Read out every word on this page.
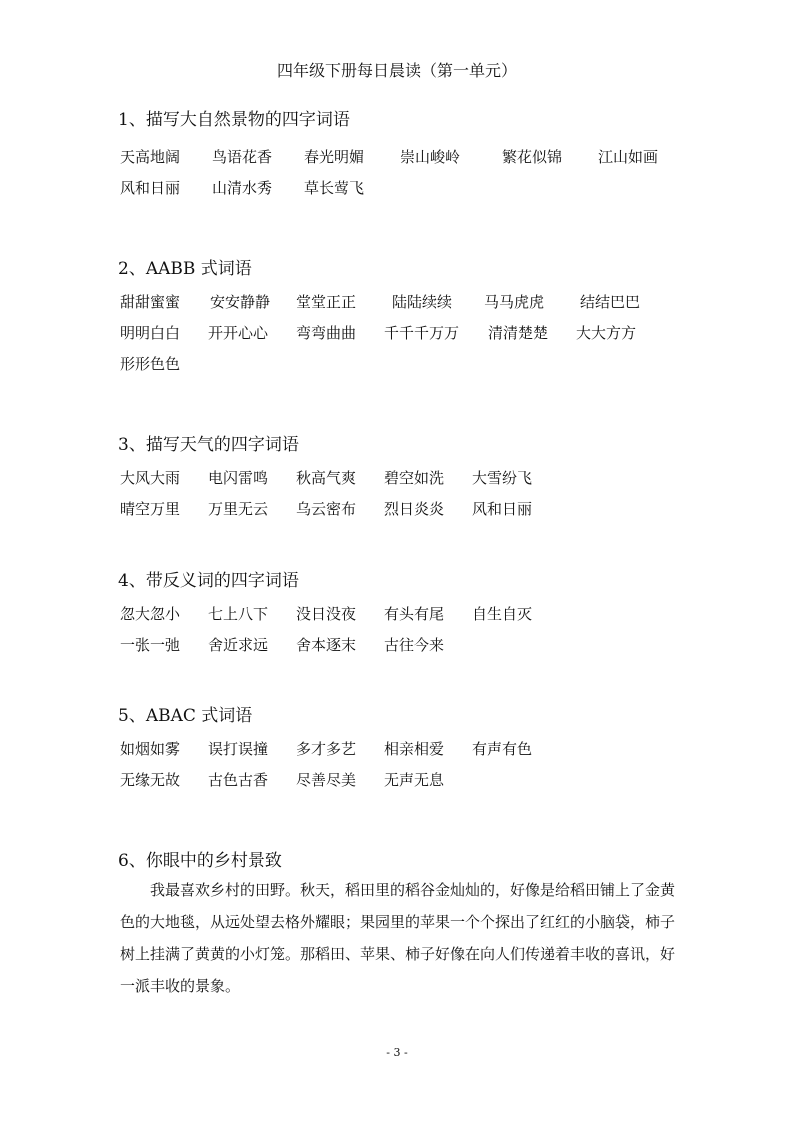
四年级下册每日晨读（第一单元）
1、描写大自然景物的四字词语
天高地阔	鸟语花香	春光明媚	崇山峻岭	繁花似锦	江山如画
风和日丽	山清水秀	草长莺飞
2、AABB 式词语
甜甜蜜蜜	安安静静	堂堂正正	陆陆续续	马马虎虎	结结巴巴
明明白白	开开心心	弯弯曲曲	千千千万万	清清楚楚	大大方方
形形色色
3、描写天气的四字词语
大风大雨	电闪雷鸣	秋高气爽	碧空如洗	大雪纷飞
晴空万里	万里无云	乌云密布	烈日炎炎	风和日丽
4、带反义词的四字词语
忽大忽小	七上八下	没日没夜	有头有尾	自生自灭
一张一弛	舍近求远	舍本逐末	古往今来
5、ABAC 式词语
如烟如雾	误打误撞	多才多艺	相亲相爱	有声有色
无缘无故	古色古香	尽善尽美	无声无息
6、你眼中的乡村景致

我最喜欢乡村的田野。秋天，稻田里的稻谷金灿灿的，好像是给稻田铺上了金黄色的大地毯，从远处望去格外耀眼；果园里的苹果一个个探出了红红的小脑袋，柿子树上挂满了黄黄的小灯笼。那稻田、苹果、柿子好像在向人们传递着丰收的喜讯，好一派丰收的景象。

- 3 -
